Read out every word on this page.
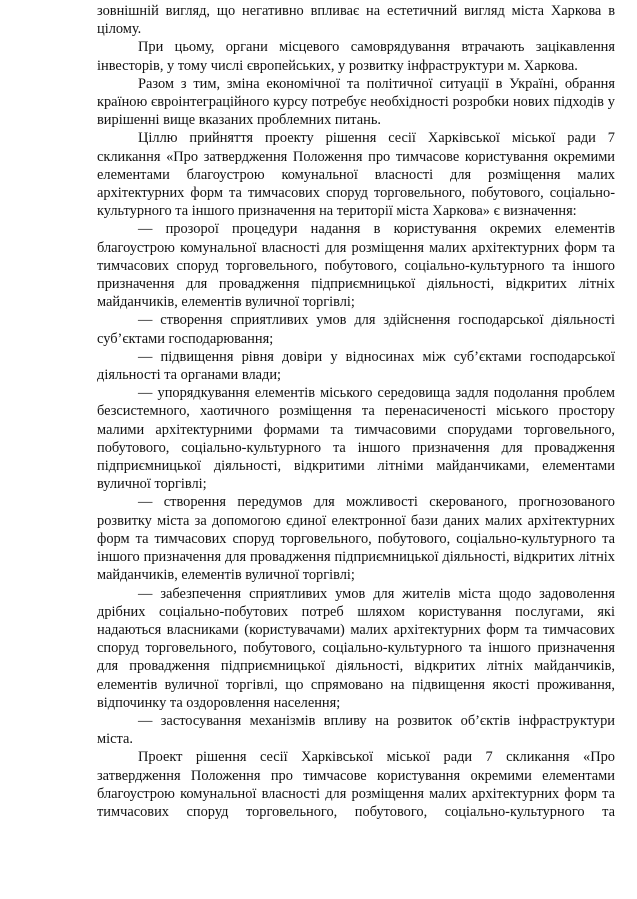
зовнішній вигляд, що негативно впливає на естетичний вигляд міста Харкова в цілому.

При цьому, органи місцевого самоврядування втрачають зацікавлення інвесторів, у тому числі європейських, у розвитку інфраструктури м. Харкова.

Разом з тим, зміна економічної та політичної ситуації в Україні, обрання країною євроінтеграційного курсу потребує необхідності розробки нових підходів у вирішенні вище вказаних проблемних питань.

Ціллю прийняття проекту рішення сесії Харківської міської ради 7 скликання «Про затвердження Положення про тимчасове користування окремими елементами благоустрою комунальної власності для розміщення малих архітектурних форм та тимчасових споруд торговельного, побутового, соціально-культурного та іншого призначення на території міста Харкова» є визначення:

— прозорої процедури надання в користування окремих елементів благоустрою комунальної власності для розміщення малих архітектурних форм та тимчасових споруд торговельного, побутового, соціально-культурного та іншого призначення для провадження підприємницької діяльності, відкритих літніх майданчиків, елементів вуличної торгівлі;

— створення сприятливих умов для здійснення господарської діяльності суб’єктами господарювання;

— підвищення рівня довіри у відносинах між суб’єктами господарської діяльності та органами влади;

— упорядкування елементів міського середовища задля подолання проблем безсистемного, хаотичного розміщення та перенасиченості міського простору малими архітектурними формами та тимчасовими спорудами торговельного, побутового, соціально-культурного та іншого призначення для провадження підприємницької діяльності, відкритими літніми майданчиками, елементами вуличної торгівлі;

— створення передумов для можливості скерованого, прогнозованого розвитку міста за допомогою єдиної електронної бази даних малих архітектурних форм та тимчасових споруд торговельного, побутового, соціально-культурного та іншого призначення для провадження підприємницької діяльності, відкритих літніх майданчиків, елементів вуличної торгівлі;

— забезпечення сприятливих умов для жителів міста щодо задоволення дрібних соціально-побутових потреб шляхом користування послугами, які надаються власниками (користувачами) малих архітектурних форм та тимчасових споруд торговельного, побутового, соціально-культурного та іншого призначення для провадження підприємницької діяльності, відкритих літніх майданчиків, елементів вуличної торгівлі, що спрямовано на підвищення якості проживання, відпочинку та оздоровлення населення;

— застосування механізмів впливу на розвиток об’єктів інфраструктури міста.

Проект рішення сесії Харківської міської ради 7 скликання «Про затвердження Положення про тимчасове користування окремими елементами благоустрою комунальної власності для розміщення малих архітектурних форм та тимчасових споруд торговельного, побутового, соціально-культурного та
